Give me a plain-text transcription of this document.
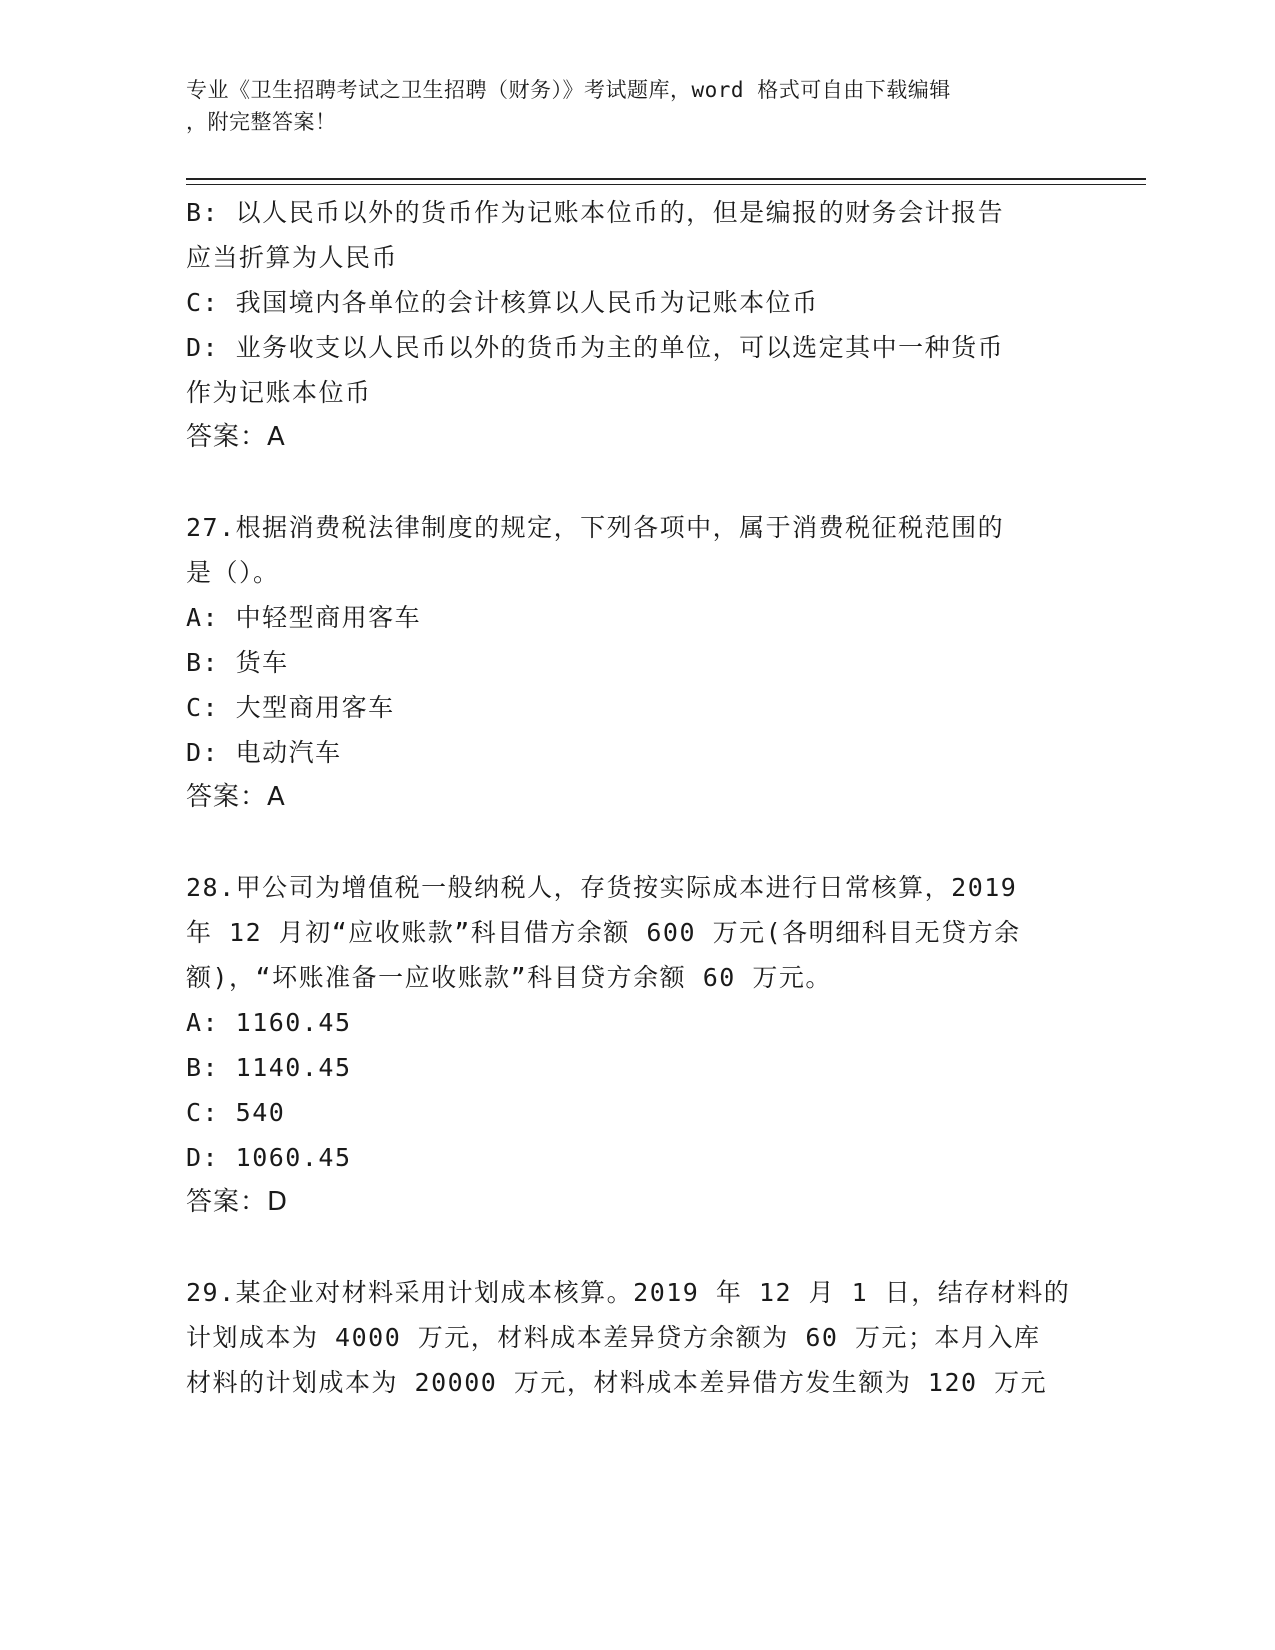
专业《卫生招聘考试之卫生招聘（财务）》考试题库，word 格式可自由下载编辑
，附完整答案！
B: 以人民币以外的货币作为记账本位币的，但是编报的财务会计报告
应当折算为人民币
C: 我国境内各单位的会计核算以人民币为记账本位币
D: 业务收支以人民币以外的货币为主的单位，可以选定其中一种货币
作为记账本位币
答案：A
27.根据消费税法律制度的规定，下列各项中，属于消费税征税范围的
是（）。
A: 中轻型商用客车
B: 货车
C: 大型商用客车
D: 电动汽车
答案：A
28.甲公司为增值税一般纳税人，存货按实际成本进行日常核算，2019
年 12 月初“应收账款”科目借方余额 600 万元(各明细科目无贷方余
额)，“坏账准备一应收账款”科目贷方余额 60 万元。
A: 1160.45
B: 1140.45
C: 540
D: 1060.45
答案：D
29.某企业对材料采用计划成本核算。2019 年 12 月 1 日，结存材料的
计划成本为 4000 万元，材料成本差异贷方余额为 60 万元；本月入库
材料的计划成本为 20000 万元，材料成本差异借方发生额为 120 万元
